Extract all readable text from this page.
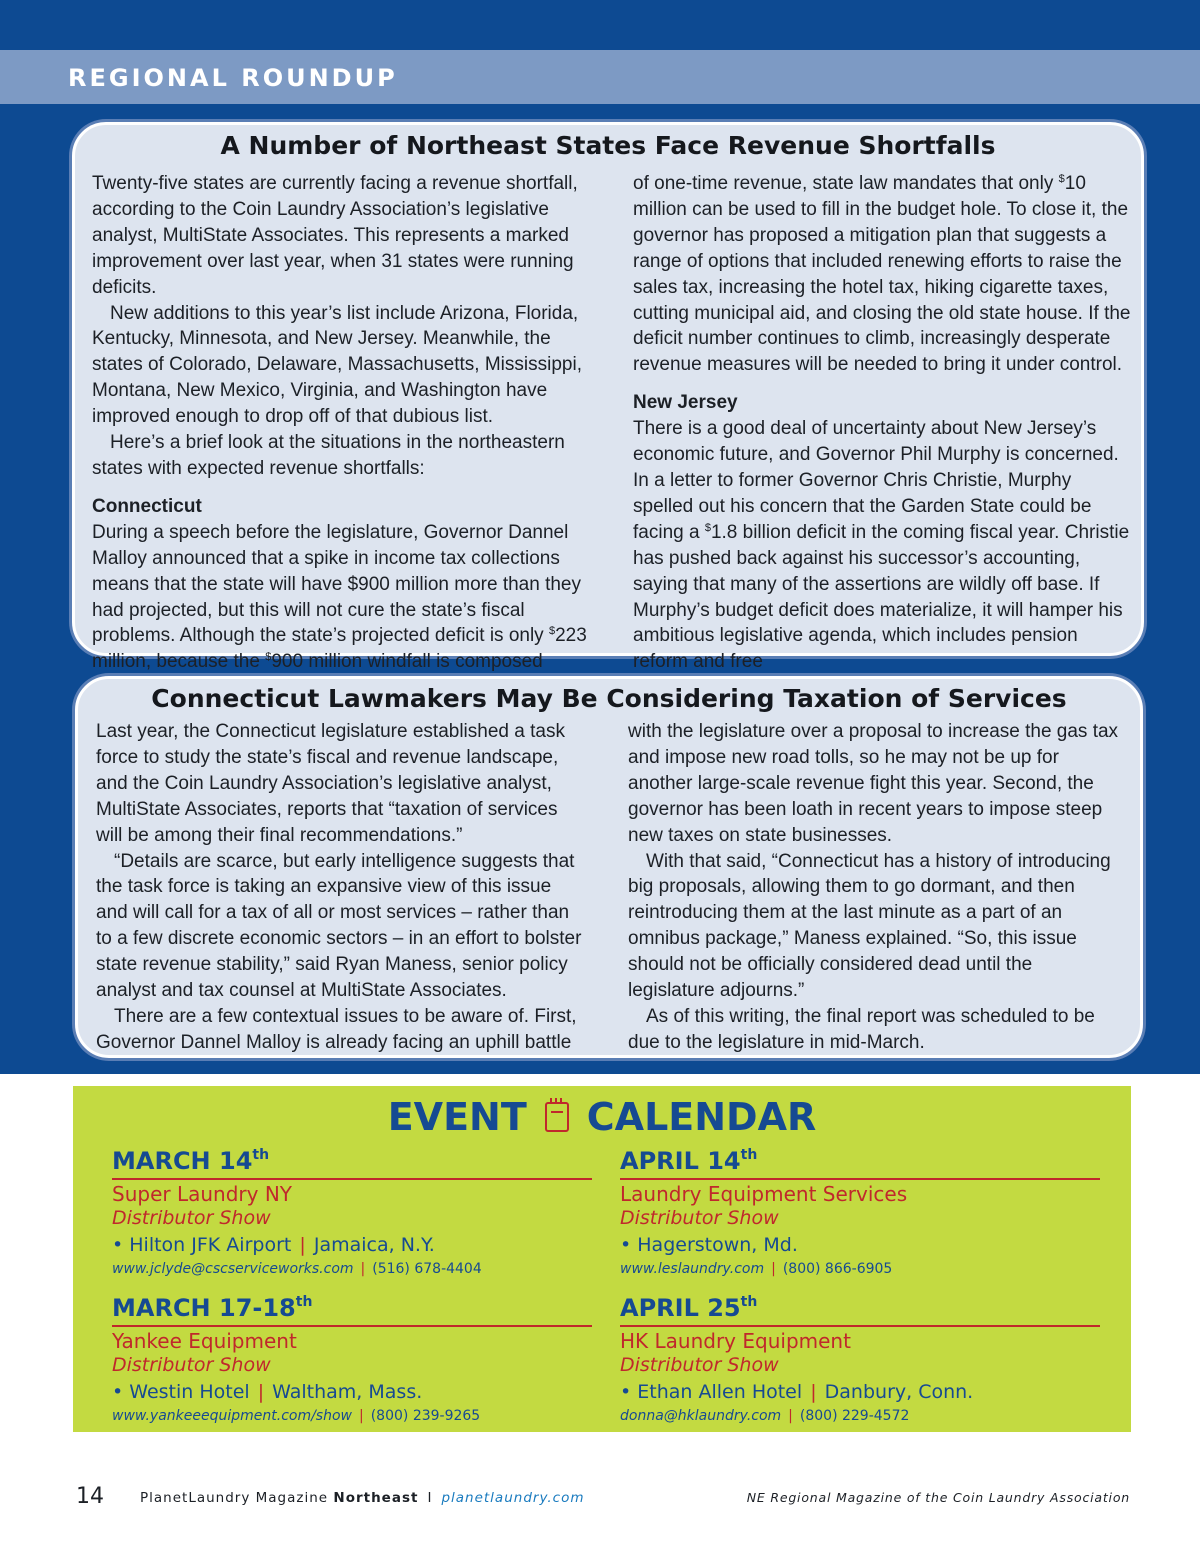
REGIONAL ROUNDUP
A Number of Northeast States Face Revenue Shortfalls

Twenty-five states are currently facing a revenue shortfall, according to the Coin Laundry Association’s legislative analyst, MultiState Associates. This represents a marked improvement over last year, when 31 states were running deficits.

New additions to this year’s list include Arizona, Florida, Kentucky, Minnesota, and New Jersey. Meanwhile, the states of Colorado, Delaware, Massachusetts, Mississippi, Montana, New Mexico, Virginia, and Washington have improved enough to drop off of that dubious list.

Here’s a brief look at the situations in the northeastern states with expected revenue shortfalls:

Connecticut

During a speech before the legislature, Governor Dannel Malloy announced that a spike in income tax collections means that the state will have $900 million more than they had projected, but this will not cure the state’s fiscal problems. Although the state’s projected deficit is only $223 million, because the $900 million windfall is composed

of one-time revenue, state law mandates that only $10 million can be used to fill in the budget hole. To close it, the governor has proposed a mitigation plan that suggests a range of options that included renewing efforts to raise the sales tax, increasing the hotel tax, hiking cigarette taxes, cutting municipal aid, and closing the old state house. If the deficit number continues to climb, increasingly desperate revenue measures will be needed to bring it under control.

New Jersey

There is a good deal of uncertainty about New Jersey’s economic future, and Governor Phil Murphy is concerned. In a letter to former Governor Chris Christie, Murphy spelled out his concern that the Garden State could be facing a $1.8 billion deficit in the coming fiscal year. Christie has pushed back against his successor’s accounting, saying that many of the assertions are wildly off base. If Murphy’s budget deficit does materialize, it will hamper his ambitious legislative agenda, which includes pension reform and free

Connecticut Lawmakers May Be Considering Taxation of Services

Last year, the Connecticut legislature established a task force to study the state’s fiscal and revenue landscape, and the Coin Laundry Association’s legislative analyst, MultiState Associates, reports that “taxation of services will be among their final recommendations.”

“Details are scarce, but early intelligence suggests that the task force is taking an expansive view of this issue and will call for a tax of all or most services – rather than to a few discrete economic sectors – in an effort to bolster state revenue stability,” said Ryan Maness, senior policy analyst and tax counsel at MultiState Associates.

There are a few contextual issues to be aware of. First, Governor Dannel Malloy is already facing an uphill battle

with the legislature over a proposal to increase the gas tax and impose new road tolls, so he may not be up for another large-scale revenue fight this year. Second, the governor has been loath in recent years to impose steep new taxes on state businesses.

With that said, “Connecticut has a history of introducing big proposals, allowing them to go dormant, and then reintroducing them at the last minute as a part of an omnibus package,” Maness explained. “So, this issue should not be officially considered dead until the legislature adjourns.”

As of this writing, the final report was scheduled to be due to the legislature in mid-March.

EVENT CALENDAR
MARCH 14th
Super Laundry NY
Distributor Show
• Hilton JFK Airport | Jamaica, N.Y.
www.jclyde@cscserviceworks.com | (516) 678-4404
APRIL 14th
Laundry Equipment Services
Distributor Show
• Hagerstown, Md.
www.leslaundry.com | (800) 866-6905
MARCH 17-18th
Yankee Equipment
Distributor Show
• Westin Hotel | Waltham, Mass.
www.yankeeequipment.com/show | (800) 239-9265
APRIL 25th
HK Laundry Equipment
Distributor Show
• Ethan Allen Hotel | Danbury, Conn.
donna@hklaundry.com | (800) 229-4572
14	PlanetLaundry Magazine Northeast I planetlaundry.com	NE Regional Magazine of the Coin Laundry Association
